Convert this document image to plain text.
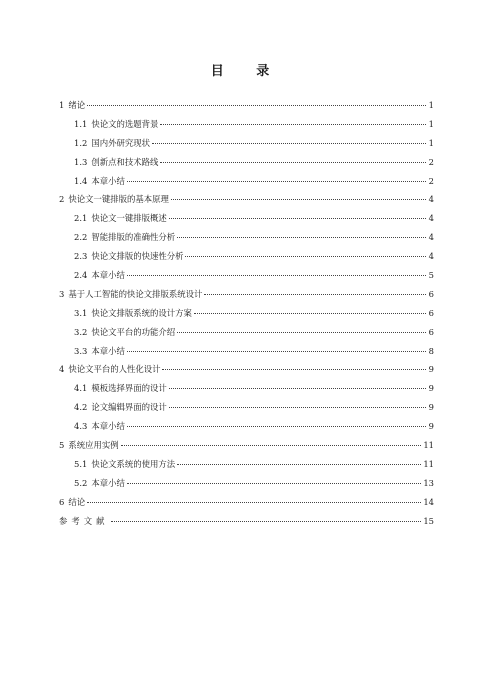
目 录
1 绪论	1
1.1 快论文的选题背景	1
1.2 国内外研究现状	1
1.3 创新点和技术路线	2
1.4 本章小结	2
2 快论文一键排版的基本原理	4
2.1 快论文一键排版概述	4
2.2 智能排版的准确性分析	4
2.3 快论文排版的快速性分析	4
2.4 本章小结	5
3 基于人工智能的快论文排版系统设计	6
3.1 快论文排版系统的设计方案	6
3.2 快论文平台的功能介绍	6
3.3 本章小结	8
4 快论文平台的人性化设计	9
4.1 模板选择界面的设计	9
4.2 论文编辑界面的设计	9
4.3 本章小结	9
5 系统应用实例	11
5.1 快论文系统的使用方法	11
5.2 本章小结	13
6 结论	14
参考文献	15
